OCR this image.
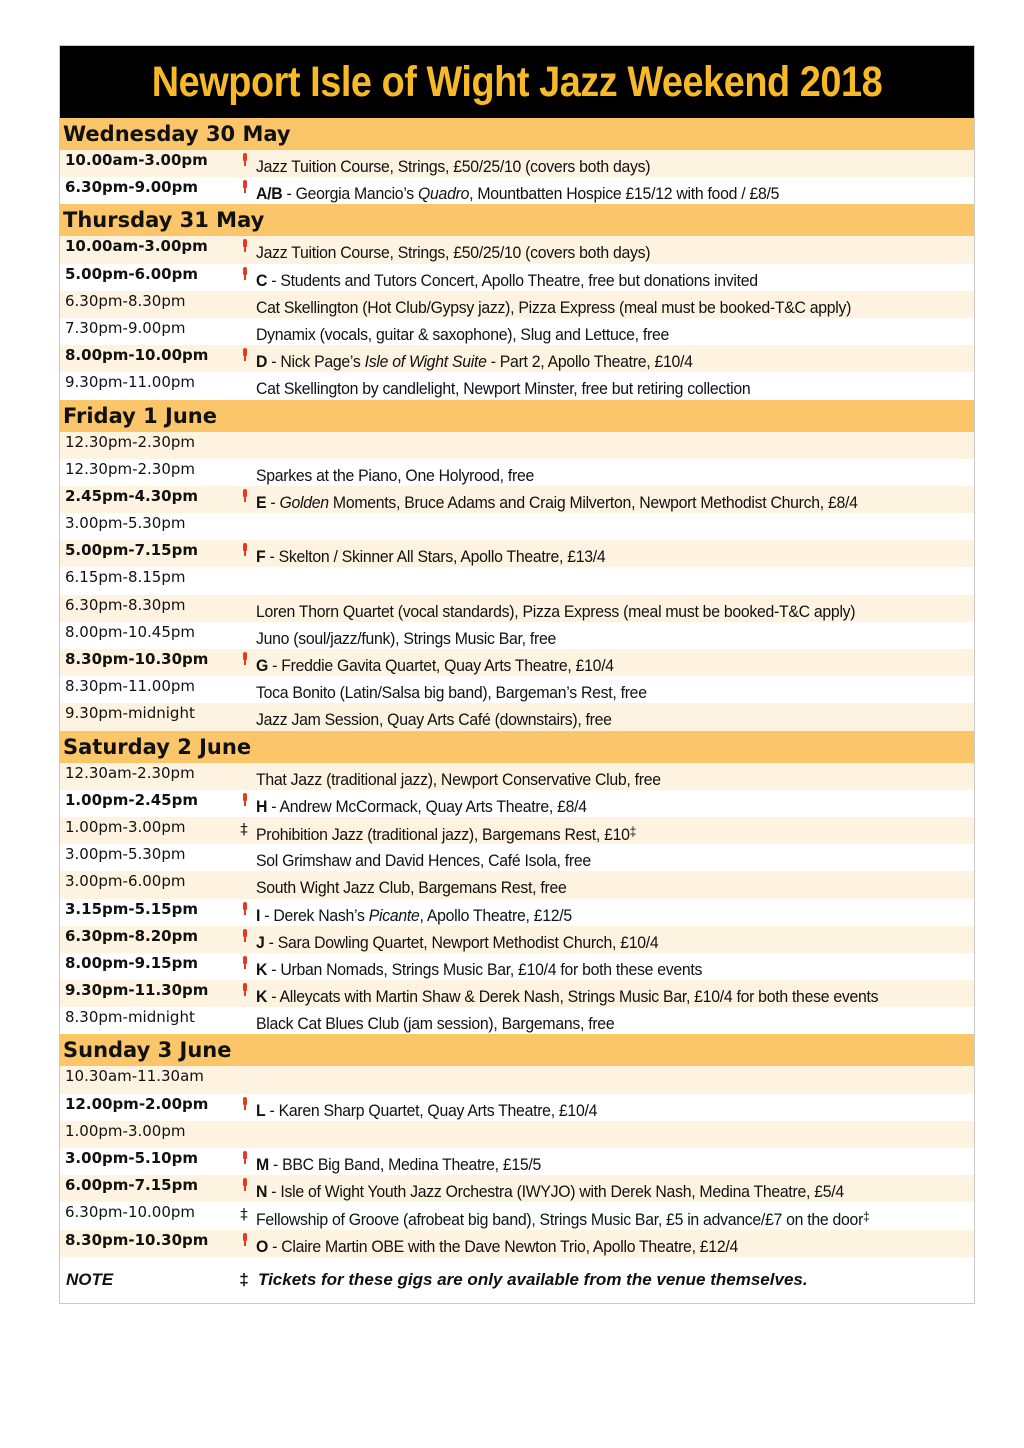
Newport Isle of Wight Jazz Weekend 2018
Wednesday 30 May
10.00am-3.00pm	Jazz Tuition Course, Strings, £50/25/10 (covers both days)
6.30pm-9.00pm	A/B - Georgia Mancio’s Quadro, Mountbatten Hospice £15/12 with food / £8/5
Thursday 31 May
10.00am-3.00pm	Jazz Tuition Course, Strings, £50/25/10 (covers both days)
5.00pm-6.00pm	C - Students and Tutors Concert, Apollo Theatre, free but donations invited
6.30pm-8.30pm	Cat Skellington (Hot Club/Gypsy jazz), Pizza Express (meal must be booked-T&C apply)
7.30pm-9.00pm	Dynamix (vocals, guitar & saxophone), Slug and Lettuce, free
8.00pm-10.00pm	D - Nick Page’s Isle of Wight Suite - Part 2, Apollo Theatre, £10/4
9.30pm-11.00pm	Cat Skellington by candlelight, Newport Minster, free but retiring collection
Friday 1 June
12.30pm-2.30pm
12.30pm-2.30pm	Sparkes at the Piano, One Holyrood, free
2.45pm-4.30pm	E - Golden Moments, Bruce Adams and Craig Milverton, Newport Methodist Church, £8/4
3.00pm-5.30pm
5.00pm-7.15pm	F - Skelton / Skinner All Stars, Apollo Theatre, £13/4
6.15pm-8.15pm
6.30pm-8.30pm	Loren Thorn Quartet (vocal standards), Pizza Express (meal must be booked-T&C apply)
8.00pm-10.45pm	Juno (soul/jazz/funk), Strings Music Bar, free
8.30pm-10.30pm	G - Freddie Gavita Quartet, Quay Arts Theatre, £10/4
8.30pm-11.00pm	Toca Bonito (Latin/Salsa big band), Bargeman’s Rest, free
9.30pm-midnight	Jazz Jam Session, Quay Arts Café (downstairs), free
Saturday 2 June
12.30am-2.30pm	That Jazz (traditional jazz), Newport Conservative Club, free
1.00pm-2.45pm	H - Andrew McCormack, Quay Arts Theatre, £8/4
1.00pm-3.00pm	‡ Prohibition Jazz (traditional jazz), Bargemans Rest, £10‡
3.00pm-5.30pm	Sol Grimshaw and David Hences, Café Isola, free
3.00pm-6.00pm	South Wight Jazz Club, Bargemans Rest, free
3.15pm-5.15pm	I - Derek Nash’s Picante, Apollo Theatre, £12/5
6.30pm-8.20pm	J - Sara Dowling Quartet, Newport Methodist Church, £10/4
8.00pm-9.15pm	K - Urban Nomads, Strings Music Bar, £10/4 for both these events
9.30pm-11.30pm	K - Alleycats with Martin Shaw & Derek Nash, Strings Music Bar, £10/4 for both these events
8.30pm-midnight	Black Cat Blues Club (jam session), Bargemans, free
Sunday 3 June
10.30am-11.30am
12.00pm-2.00pm	L - Karen Sharp Quartet, Quay Arts Theatre, £10/4
1.00pm-3.00pm
3.00pm-5.10pm	M - BBC Big Band, Medina Theatre, £15/5
6.00pm-7.15pm	N - Isle of Wight Youth Jazz Orchestra (IWYJO) with Derek Nash, Medina Theatre, £5/4
6.30pm-10.00pm	‡ Fellowship of Groove (afrobeat big band), Strings Music Bar, £5 in advance/£7 on the door‡
8.30pm-10.30pm	O - Claire Martin OBE with the Dave Newton Trio, Apollo Theatre, £12/4
NOTE	‡ Tickets for these gigs are only available from the venue themselves.
